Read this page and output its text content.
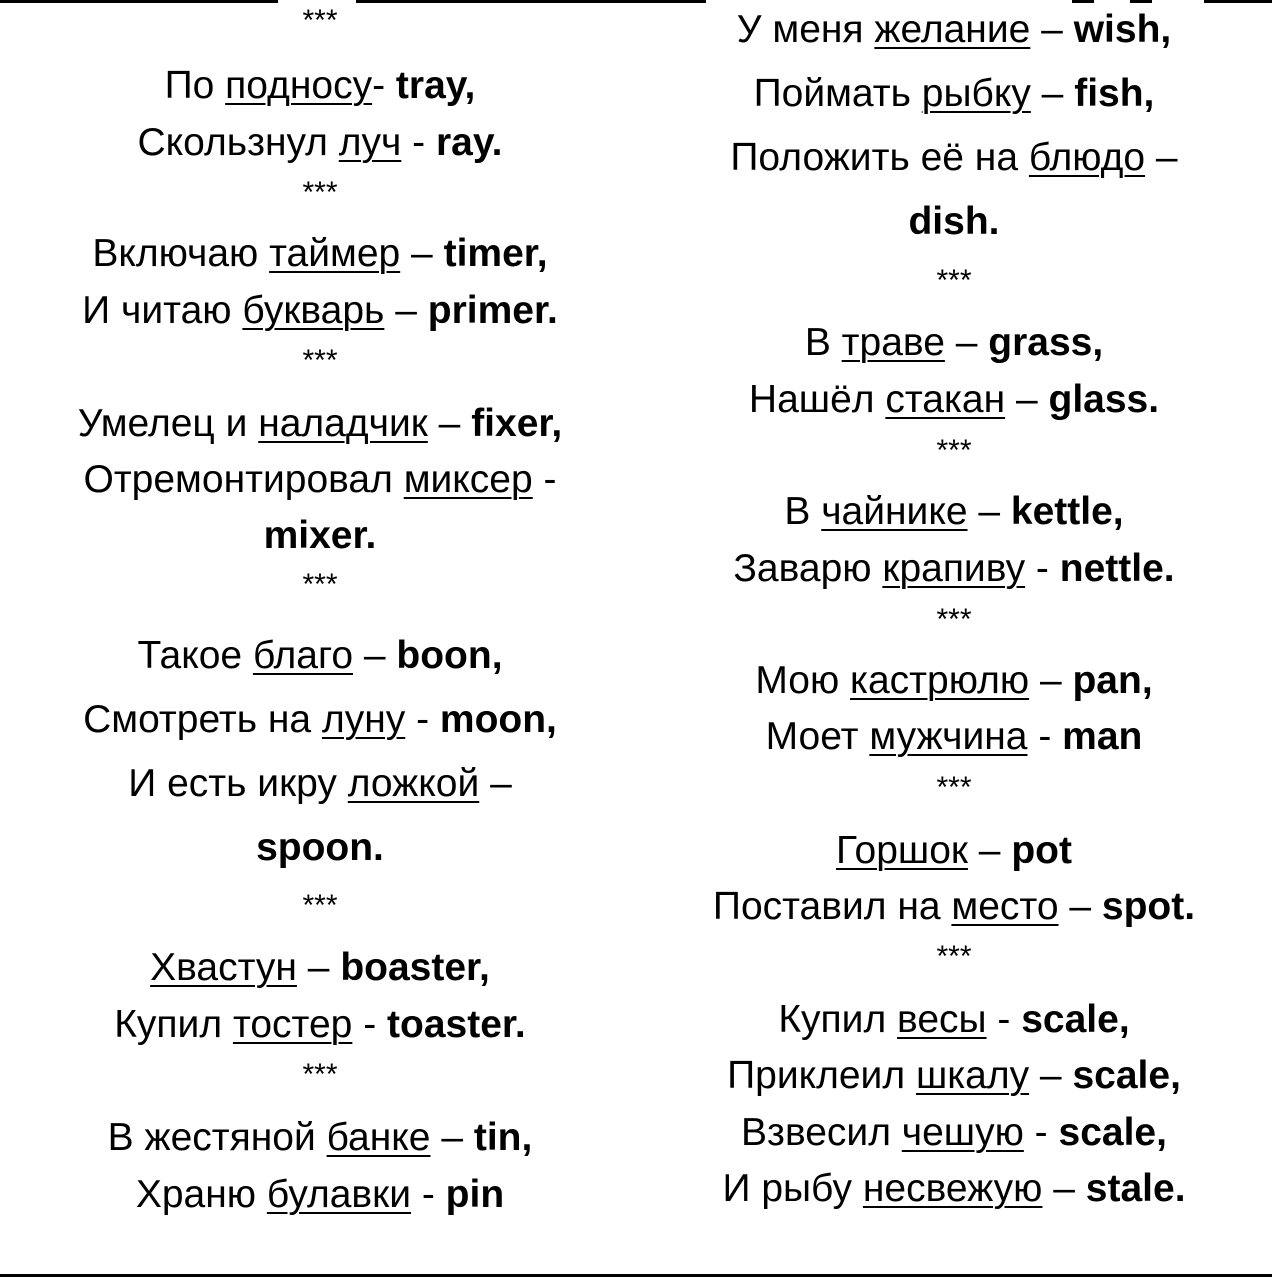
***
По подносу- tray,
Скользнул луч - ray.
***
Включаю таймер – timer,
И читаю букварь – primer.
***
Умелец и наладчик – fixer,
Отремонтировал миксер -
mixer.
***
Такое благо – boon,
Смотреть на луну - moon,
И есть икру ложкой –
spoon.
***
Хвастун – boaster,
Купил тостер - toaster.
***
В жестяной банке – tin,
Храню булавки - pin
У меня желание – wish,
Поймать рыбку – fish,
Положить её на блюдо –
dish.
***
В траве – grass,
Нашёл стакан – glass.
***
В чайнике – kettle,
Заварю крапиву - nettle.
***
Мою кастрюлю – pan,
Моет мужчина - man
***
Горшок – pot
Поставил на место – spot.
***
Купил весы - scale,
Приклеил шкалу – scale,
Взвесил чешую - scale,
И рыбу несвежую – stale.
